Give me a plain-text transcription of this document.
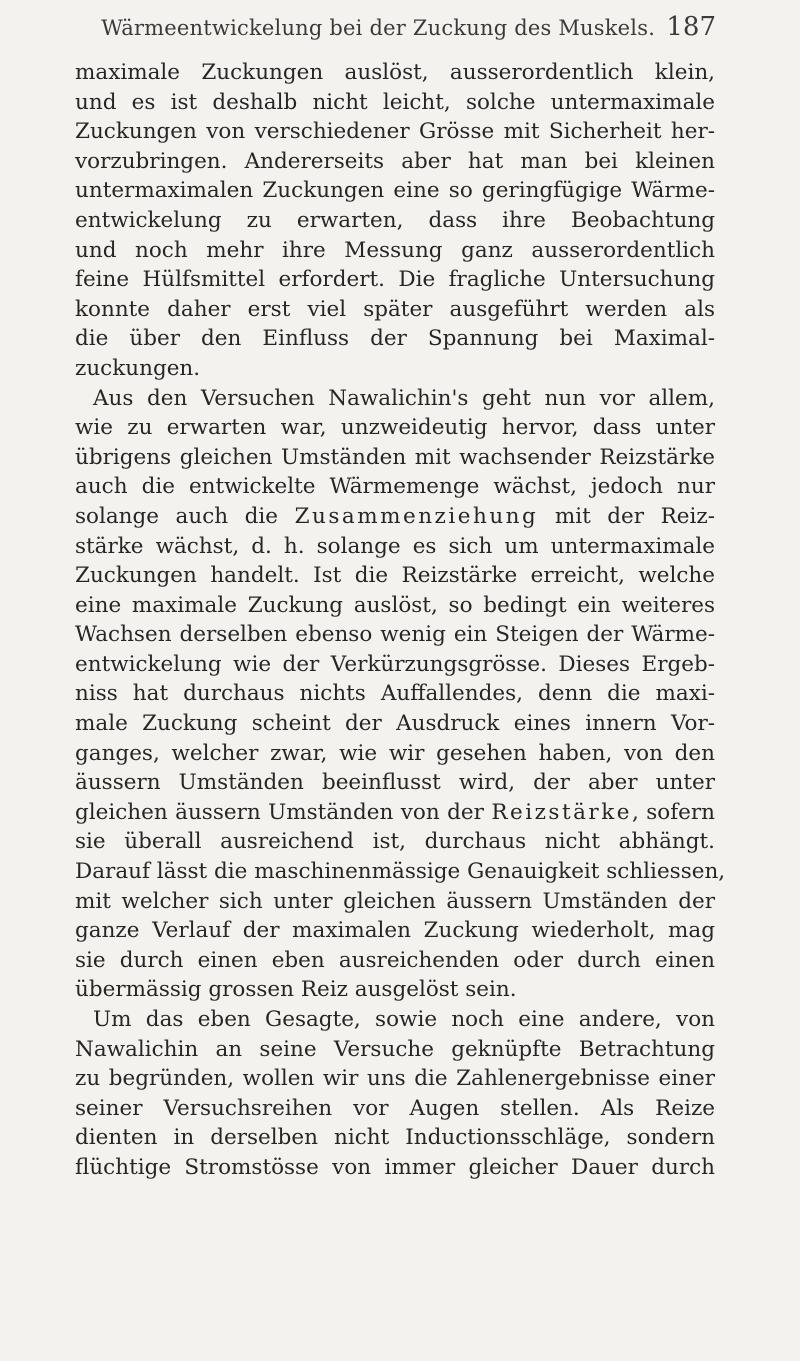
Wärmeentwickelung bei der Zuckung des Muskels. 187
maximale Zuckungen auslöst, ausserordentlich klein,
und es ist deshalb nicht leicht, solche untermaximale
Zuckungen von verschiedener Grösse mit Sicherheit her-
vorzubringen. Andererseits aber hat man bei kleinen
untermaximalen Zuckungen eine so geringfügige Wärme-
entwickelung zu erwarten, dass ihre Beobachtung
und noch mehr ihre Messung ganz ausserordentlich
feine Hülfsmittel erfordert. Die fragliche Untersuchung
konnte daher erst viel später ausgeführt werden als
die über den Einfluss der Spannung bei Maximal-
zuckungen.
Aus den Versuchen Nawalichin's geht nun vor allem,
wie zu erwarten war, unzweideutig hervor, dass unter
übrigens gleichen Umständen mit wachsender Reizstärke
auch die entwickelte Wärmemenge wächst, jedoch nur
solange auch die Zusammenziehung mit der Reiz-
stärke wächst, d. h. solange es sich um untermaximale
Zuckungen handelt. Ist die Reizstärke erreicht, welche
eine maximale Zuckung auslöst, so bedingt ein weiteres
Wachsen derselben ebenso wenig ein Steigen der Wärme-
entwickelung wie der Verkürzungsgrösse. Dieses Ergeb-
niss hat durchaus nichts Auffallendes, denn die maxi-
male Zuckung scheint der Ausdruck eines innern Vor-
ganges, welcher zwar, wie wir gesehen haben, von den
äussern Umständen beeinflusst wird, der aber unter
gleichen äussern Umständen von der Reizstärke, sofern
sie überall ausreichend ist, durchaus nicht abhängt.
Darauf lässt die maschinenmässige Genauigkeit schliessen,
mit welcher sich unter gleichen äussern Umständen der
ganze Verlauf der maximalen Zuckung wiederholt, mag
sie durch einen eben ausreichenden oder durch einen
übermässig grossen Reiz ausgelöst sein.
Um das eben Gesagte, sowie noch eine andere, von
Nawalichin an seine Versuche geknüpfte Betrachtung
zu begründen, wollen wir uns die Zahlenergebnisse einer
seiner Versuchsreihen vor Augen stellen. Als Reize
dienten in derselben nicht Inductionsschläge, sondern
flüchtige Stromstösse von immer gleicher Dauer durch
